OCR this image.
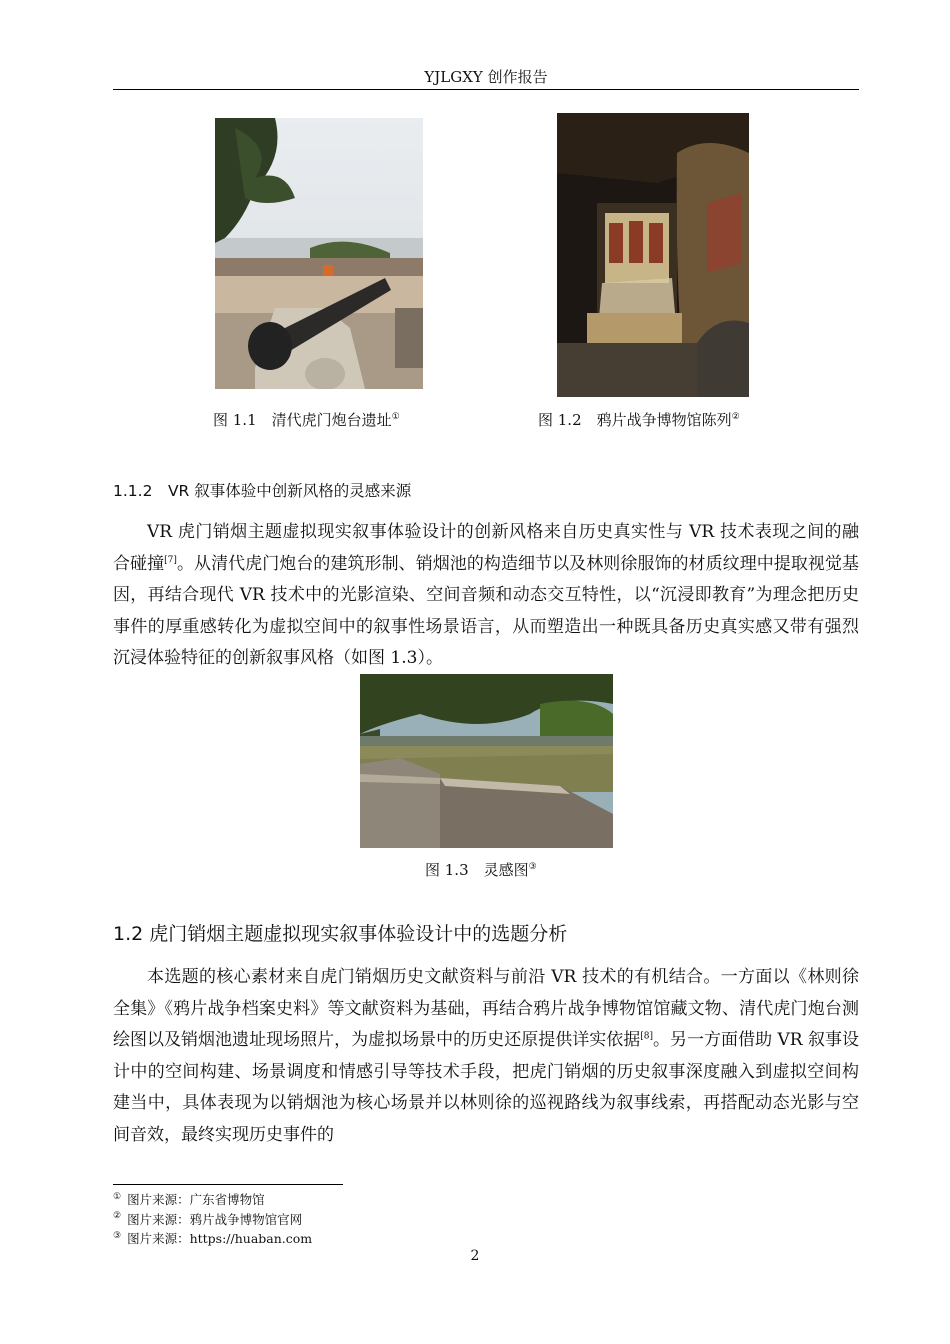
YJLGXY 创作报告
图 1.1　 清代虎门炮台遗址①	图 1.2　 鸦片战争博物馆陈列②
1.1.2　VR 叙事体验中创新风格的灵感来源

VR 虎门销烟主题虚拟现实叙事体验设计的创新风格来自历史真实性与 VR 技术表现之间的融合碰撞[7]。从清代虎门炮台的建筑形制、销烟池的构造细节以及林则徐服饰的材质纹理中提取视觉基因，再结合现代 VR 技术中的光影渲染、空间音频和动态交互特性，以“沉浸即教育”为理念把历史事件的厚重感转化为虚拟空间中的叙事性场景语言，从而塑造出一种既具备历史真实感又带有强烈沉浸体验特征的创新叙事风格（如图 1.3）。

图 1.3　 灵感图③
1.2 虎门销烟主题虚拟现实叙事体验设计中的选题分析

本选题的核心素材来自虎门销烟历史文献资料与前沿 VR 技术的有机结合。一方面以《林则徐全集》《鸦片战争档案史料》等文献资料为基础，再结合鸦片战争博物馆馆藏文物、清代虎门炮台测绘图以及销烟池遗址现场照片，为虚拟场景中的历史还原提供详实依据[8]。另一方面借助 VR 叙事设计中的空间构建、场景调度和情感引导等技术手段，把虎门销烟的历史叙事深度融入到虚拟空间构建当中，具体表现为以销烟池为核心场景并以林则徐的巡视路线为叙事线索，再搭配动态光影与空间音效，最终实现历史事件的

① 图片来源：广东省博物馆
② 图片来源：鸦片战争博物馆官网
③ 图片来源：https://huaban.com
2
